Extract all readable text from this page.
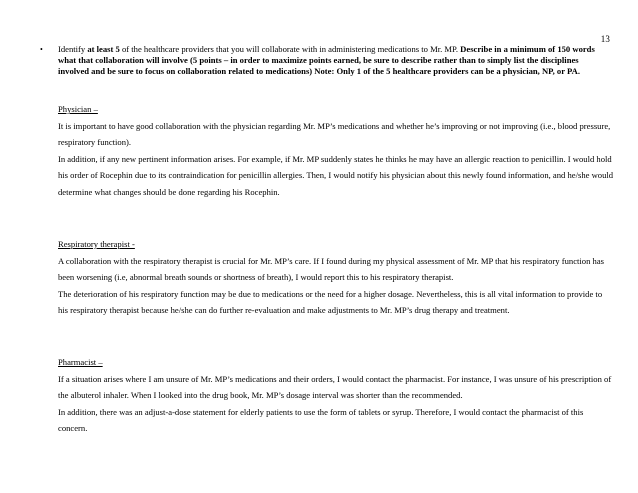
13
• Identify at least 5 of the healthcare providers that you will collaborate with in administering medications to Mr. MP. Describe in a minimum of 150 words what that collaboration will involve (5 points – in order to maximize points earned, be sure to describe rather than to simply list the disciplines involved and be sure to focus on collaboration related to medications) Note: Only 1 of the 5 healthcare providers can be a physician, NP, or PA.
Physician –
It is important to have good collaboration with the physician regarding Mr. MP’s medications and whether he’s improving or not improving (i.e., blood pressure, respiratory function).
In addition, if any new pertinent information arises. For example, if Mr. MP suddenly states he thinks he may have an allergic reaction to penicillin. I would hold his order of Rocephin due to its contraindication for penicillin allergies. Then, I would notify his physician about this newly found information, and he/she would determine what changes should be done regarding his Rocephin.
Respiratory therapist -
A collaboration with the respiratory therapist is crucial for Mr. MP’s care. If I found during my physical assessment of Mr. MP that his respiratory function has been worsening (i.e, abnormal breath sounds or shortness of breath), I would report this to his respiratory therapist.
The deterioration of his respiratory function may be due to medications or the need for a higher dosage. Nevertheless, this is all vital information to provide to his respiratory therapist because he/she can do further re-evaluation and make adjustments to Mr. MP’s drug therapy and treatment.
Pharmacist –
If a situation arises where I am unsure of Mr. MP’s medications and their orders, I would contact the pharmacist. For instance, I was unsure of his prescription of the albuterol inhaler. When I looked into the drug book, Mr. MP’s dosage interval was shorter than the recommended.
In addition, there was an adjust-a-dose statement for elderly patients to use the form of tablets or syrup. Therefore, I would contact the pharmacist of this concern.
